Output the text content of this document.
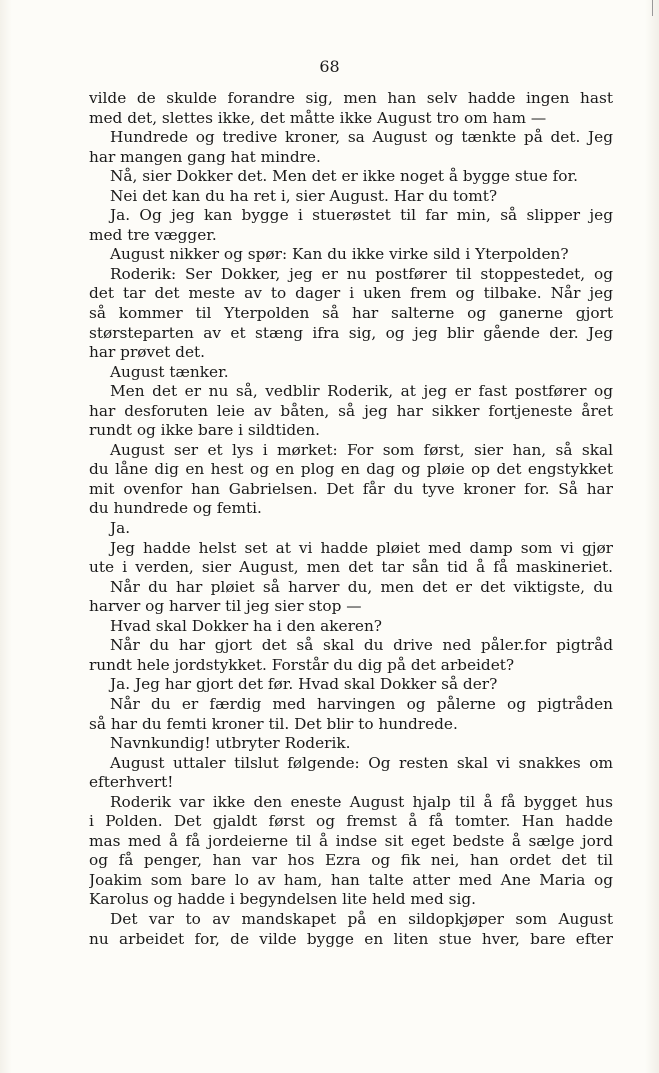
68
vilde de skulde forandre sig, men han selv hadde ingen hast
med det, slettes ikke, det måtte ikke August tro om ham —
Hundrede og tredive kroner, sa August og tænkte på det. Jeg
har mangen gang hat mindre.
Nå, sier Dokker det. Men det er ikke noget å bygge stue for.
Nei det kan du ha ret i, sier August. Har du tomt?
Ja. Og jeg kan bygge i stuerøstet til far min, så slipper jeg
med tre vægger.
August nikker og spør: Kan du ikke virke sild i Yterpolden?
Roderik: Ser Dokker, jeg er nu postfører til stoppestedet, og
det tar det meste av to dager i uken frem og tilbake. Når jeg
så kommer til Yterpolden så har salterne og ganerne gjort
størsteparten av et stæng ifra sig, og jeg blir gående der. Jeg
har prøvet det.
August tænker.
Men det er nu så, vedblir Roderik, at jeg er fast postfører og
har desforuten leie av båten, så jeg har sikker fortjeneste året
rundt og ikke bare i sildtiden.
August ser et lys i mørket: For som først, sier han, så skal
du låne dig en hest og en plog en dag og pløie op det engstykket
mit ovenfor han Gabrielsen. Det får du tyve kroner for. Så har
du hundrede og femti.
Ja.
Jeg hadde helst set at vi hadde pløiet med damp som vi gjør
ute i verden, sier August, men det tar sån tid å få maskineriet.
Når du har pløiet så harver du, men det er det viktigste, du
harver og harver til jeg sier stop —
Hvad skal Dokker ha i den akeren?
Når du har gjort det så skal du drive ned påler.for pigtråd
rundt hele jordstykket. Forstår du dig på det arbeidet?
Ja. Jeg har gjort det før. Hvad skal Dokker så der?
Når du er færdig med harvingen og pålerne og pigtråden
så har du femti kroner til. Det blir to hundrede.
Navnkundig! utbryter Roderik.
August uttaler tilslut følgende: Og resten skal vi snakkes om
efterhvert!
Roderik var ikke den eneste August hjalp til å få bygget hus
i Polden. Det gjaldt først og fremst å få tomter. Han hadde
mas med å få jordeierne til å indse sit eget bedste å sælge jord
og få penger, han var hos Ezra og fik nei, han ordet det til
Joakim som bare lo av ham, han talte atter med Ane Maria og
Karolus og hadde i begyndelsen lite held med sig.
Det var to av mandskapet på en sildopkjøper som August
nu arbeidet for, de vilde bygge en liten stue hver, bare efter
